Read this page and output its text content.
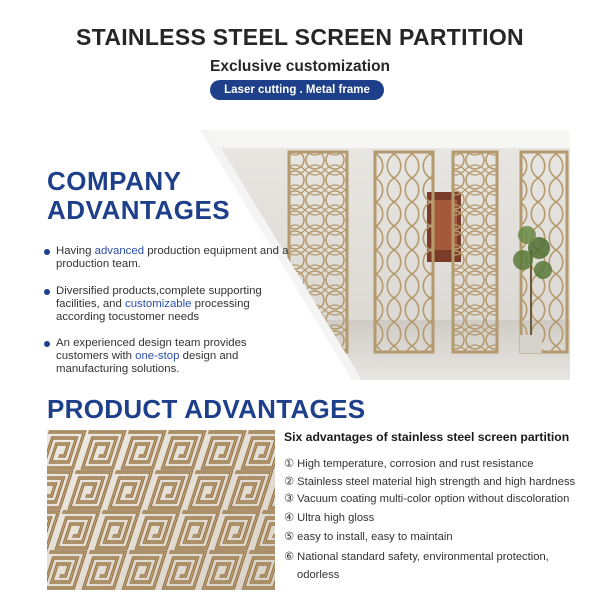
STAINLESS STEEL SCREEN PARTITION
Exclusive customization
Laser cutting . Metal frame
COMPANY
ADVANTAGES
Having advanced production equipment and a production team.
Diversified products,complete supporting facilities, and customizable processing according tocustomer needs
An experienced design team provides customers with one-stop design and manufacturing solutions.
PRODUCT ADVANTAGES
Six advantages of stainless steel screen partition
① High temperature, corrosion and rust resistance
② Stainless steel material high strength and high hardness
③ Vacuum coating multi-color option without discoloration
④ Ultra high gloss
⑤ easy to install, easy to maintain
⑥ National standard safety, environmental protection,
odorless
